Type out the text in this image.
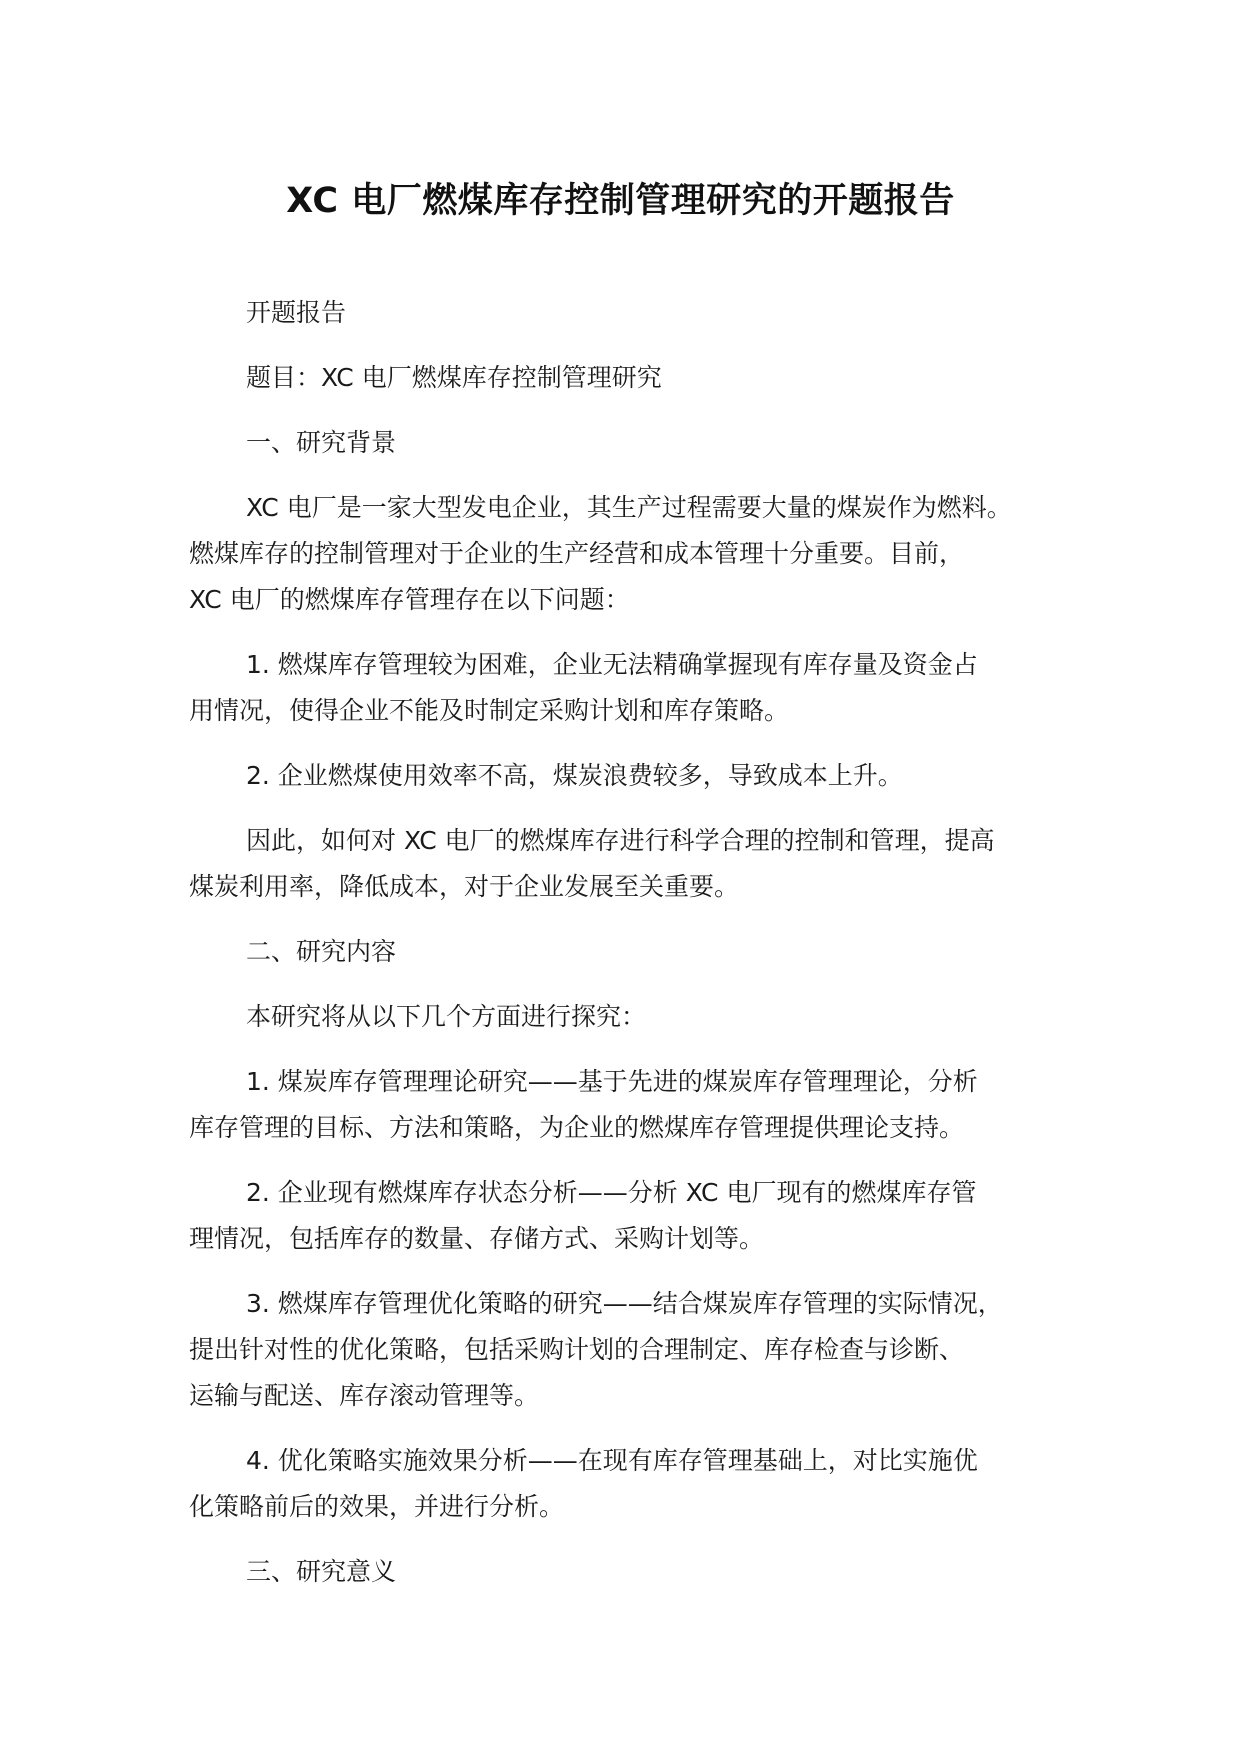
XC 电厂燃煤库存控制管理研究的开题报告

开题报告

题目：XC 电厂燃煤库存控制管理研究

一、研究背景

XC 电厂是一家大型发电企业，其生产过程需要大量的煤炭作为燃料。
燃煤库存的控制管理对于企业的生产经营和成本管理十分重要。目前，
XC 电厂的燃煤库存管理存在以下问题：

1. 燃煤库存管理较为困难，企业无法精确掌握现有库存量及资金占
用情况，使得企业不能及时制定采购计划和库存策略。

2. 企业燃煤使用效率不高，煤炭浪费较多，导致成本上升。

因此，如何对 XC 电厂的燃煤库存进行科学合理的控制和管理，提高
煤炭利用率，降低成本，对于企业发展至关重要。

二、研究内容

本研究将从以下几个方面进行探究：

1. 煤炭库存管理理论研究——基于先进的煤炭库存管理理论，分析
库存管理的目标、方法和策略，为企业的燃煤库存管理提供理论支持。

2. 企业现有燃煤库存状态分析——分析 XC 电厂现有的燃煤库存管
理情况，包括库存的数量、存储方式、采购计划等。

3. 燃煤库存管理优化策略的研究——结合煤炭库存管理的实际情况，
提出针对性的优化策略，包括采购计划的合理制定、库存检查与诊断、
运输与配送、库存滚动管理等。

4. 优化策略实施效果分析——在现有库存管理基础上，对比实施优
化策略前后的效果，并进行分析。

三、研究意义
